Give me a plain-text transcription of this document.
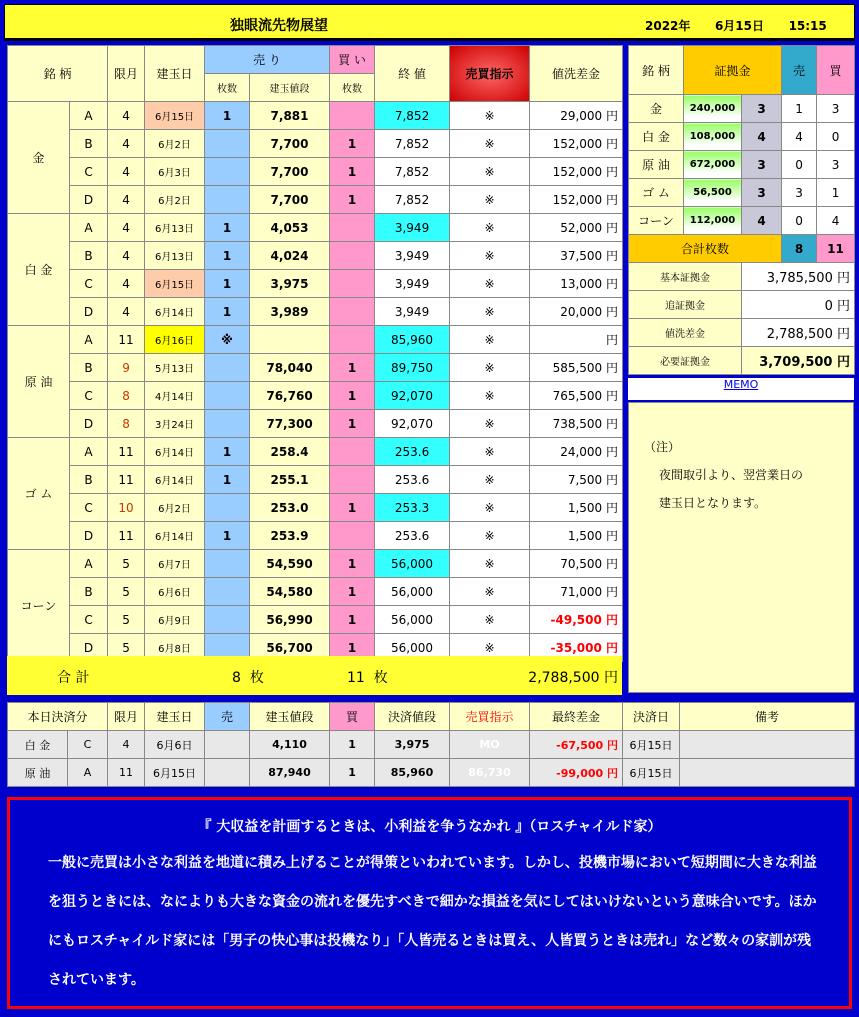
独眼流先物展望	2022年 6月15日 15:15
銘 柄		限月	建玉日	売 り		買 い	終 値	売買指示	値洗差金
				枚数	建玉値段	枚数			
金	A	4	6月15日	1	7,881		7,852	※	29,000 円
	B	4	6月2日		7,700	1	7,852	※	152,000 円
	C	4	6月3日		7,700	1	7,852	※	152,000 円
	D	4	6月2日		7,700	1	7,852	※	152,000 円
白 金	A	4	6月13日	1	4,053		3,949	※	52,000 円
	B	4	6月13日	1	4,024		3,949	※	37,500 円
	C	4	6月15日	1	3,975		3,949	※	13,000 円
	D	4	6月14日	1	3,989		3,949	※	20,000 円
原 油	A	11	6月16日	※			85,960	※	円
	B	9	5月13日		78,040	1	89,750	※	585,500 円
	C	8	4月14日		76,760	1	92,070	※	765,500 円
	D	8	3月24日		77,300	1	92,070	※	738,500 円
ゴ ム	A	11	6月14日	1	258.4		253.6	※	24,000 円
	B	11	6月14日	1	255.1		253.6	※	7,500 円
	C	10	6月2日		253.0	1	253.3	※	1,500 円
	D	11	6月14日	1	253.9		253.6	※	1,500 円
コーン	A	5	6月7日		54,590	1	56,000	※	70,500 円
	B	5	6月6日		54,580	1	56,000	※	71,000 円
	C	5	6月9日		56,990	1	56,000	※	-49,500 円
	D	5	6月8日		56,700	1	56,000	※	-35,000 円
合 計	8 枚	11 枚	2,788,500 円
銘 柄	証拠金		売	買
金	240,000	3	1	3
白 金	108,000	4	4	0
原 油	672,000	3	0	3
ゴ ム	56,500	3	3	1
コーン	112,000	4	0	4
合計枚数			8	11
基本証拠金		3,785,500 円		
追証拠金		0 円		
値洗差金		2,788,500 円		
必要証拠金		3,709,500 円		
MEMO
（注）
夜間取引より、翌営業日の
建玉日となります。
本日決済分		限月	建玉日	売	建玉値段	買	決済値段	売買指示	最終差金	決済日	備考
白 金	C	4	6月6日		4,110	1	3,975	MO	-67,500 円	6月15日	
原 油	A	11	6月15日		87,940	1	85,960	86,730	-99,000 円	6月15日	
『 大収益を計画するときは、小利益を争うなかれ 』（ロスチャイルド家）
一般に売買は小さな利益を地道に積み上げることが得策といわれています。しかし、投機市場において短期間に大きな利益を狙うときには、なによりも大きな資金の流れを優先すべきで細かな損益を気にしてはいけないという意味合いです。ほかにもロスチャイルド家には「男子の快心事は投機なり」「人皆売るときは買え、人皆買うときは売れ」など数々の家訓が残されています。
